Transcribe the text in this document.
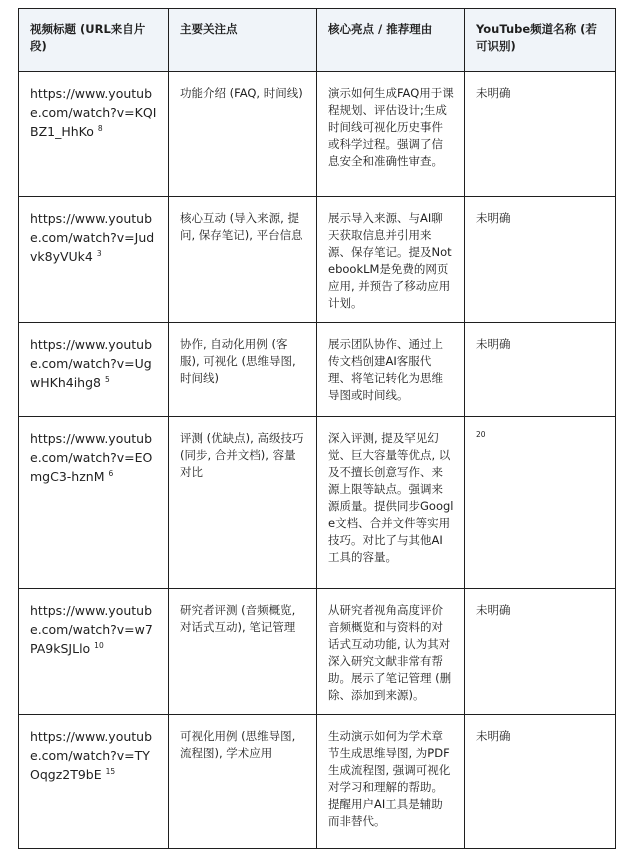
视频标题 (URL来自片段)	主要关注点	核心亮点 / 推荐理由	YouTube频道名称 (若可识别)
https://www.youtube.com/watch?v=KQIBZ1_HhKo $^8$	功能介绍 (FAQ, 时间线)	演示如何生成FAQ用于课程规划、评估设计;生成时间线可视化历史事件或科学过程。强调了信息安全和准确性审查。	未明确
https://www.youtube.com/watch?v=Judvk8yVUk4 $^3$	核心互动 (导入来源, 提问, 保存笔记), 平台信息	展示导入来源、与AI聊天获取信息并引用来源、保存笔记。提及NotebookLM是免费的网页应用, 并预告了移动应用计划。	未明确
https://www.youtube.com/watch?v=UgwHKh4ihg8 $^5$	协作, 自动化用例 (客服), 可视化 (思维导图, 时间线)	展示团队协作、通过上传文档创建AI客服代理、将笔记转化为思维导图或时间线。	未明确
https://www.youtube.com/watch?v=EOmgC3-hznM $^6$	评测 (优缺点), 高级技巧 (同步, 合并文档), 容量对比	深入评测, 提及罕见幻觉、巨大容量等优点, 以及不擅长创意写作、来源上限等缺点。强调来源质量。提供同步Google文档、合并文件等实用技巧。对比了与其他AI工具的容量。	$^{20}$
https://www.youtube.com/watch?v=w7PA9kSJLlo $^{10}$	研究者评测 (音频概览, 对话式互动), 笔记管理	从研究者视角高度评价音频概览和与资料的对话式互动功能, 认为其对深入研究文献非常有帮助。展示了笔记管理 (删除、添加到来源)。	未明确
https://www.youtube.com/watch?v=TYOqgz2T9bE $^{15}$	可视化用例 (思维导图, 流程图), 学术应用	生动演示如何为学术章节生成思维导图, 为PDF生成流程图, 强调可视化对学习和理解的帮助。提醒用户AI工具是辅助而非替代。	未明确
